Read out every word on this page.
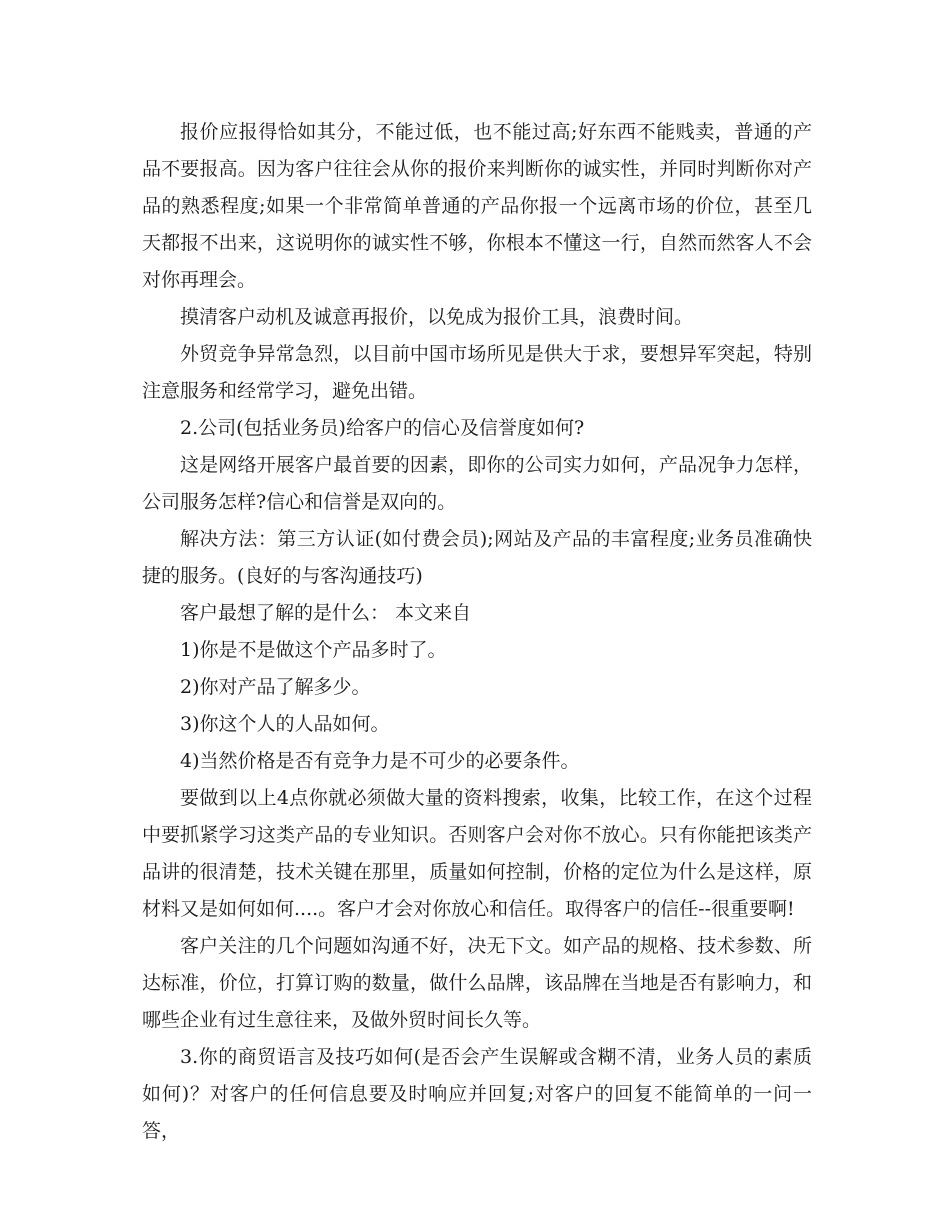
报价应报得恰如其分，不能过低，也不能过高;好东西不能贱卖，普通的产品不要报高。因为客户往往会从你的报价来判断你的诚实性，并同时判断你对产品的熟悉程度;如果一个非常简单普通的产品你报一个远离市场的价位，甚至几天都报不出来，这说明你的诚实性不够，你根本不懂这一行，自然而然客人不会对你再理会。

摸清客户动机及诚意再报价，以免成为报价工具，浪费时间。

外贸竞争异常急烈，以目前中国市场所见是供大于求，要想异军突起，特别注意服务和经常学习，避免出错。

2.公司(包括业务员)给客户的信心及信誉度如何?

这是网络开展客户最首要的因素，即你的公司实力如何，产品况争力怎样，公司服务怎样?信心和信誉是双向的。

解决方法：第三方认证(如付费会员);网站及产品的丰富程度;业务员准确快捷的服务。(良好的与客沟通技巧)

客户最想了解的是什么： 本文来自

1)你是不是做这个产品多时了。

2)你对产品了解多少。

3)你这个人的人品如何。

4)当然价格是否有竞争力是不可少的必要条件。

要做到以上4点你就必须做大量的资料搜索，收集，比较工作，在这个过程中要抓紧学习这类产品的专业知识。否则客户会对你不放心。只有你能把该类产品讲的很清楚，技术关键在那里，质量如何控制，价格的定位为什么是这样，原材料又是如何如何....。客户才会对你放心和信任。取得客户的信任--很重要啊!

客户关注的几个问题如沟通不好，决无下文。如产品的规格、技术参数、所达标准，价位，打算订购的数量，做什么品牌，该品牌在当地是否有影响力，和哪些企业有过生意往来，及做外贸时间长久等。

3.你的商贸语言及技巧如何(是否会产生误解或含糊不清，业务人员的素质如何)？对客户的任何信息要及时响应并回复;对客户的回复不能简单的一问一答，
